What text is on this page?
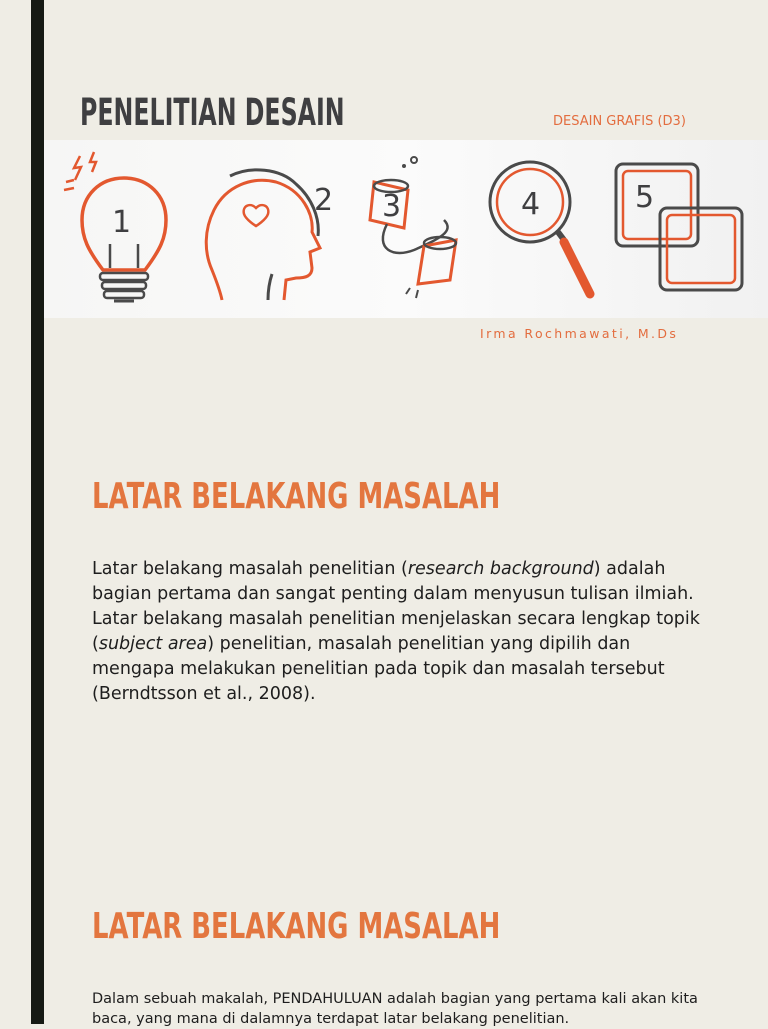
PENELITIAN DESAIN	DESAIN GRAFIS (D3)
1
2 3	4	5
Irma Rochmawati, M.Ds
LATAR BELAKANG MASALAH

Latar belakang masalah penelitian (research background) adalah bagian pertama dan sangat penting dalam menyusun tulisan ilmiah. Latar belakang masalah penelitian menjelaskan secara lengkap topik (subject area) penelitian, masalah penelitian yang dipilih dan mengapa melakukan penelitian pada topik dan masalah tersebut (Berndtsson et al., 2008).

LATAR BELAKANG MASALAH

Dalam sebuah makalah, PENDAHULUAN adalah bagian yang pertama kali akan kita baca, yang mana di dalamnya terdapat latar belakang penelitian.
